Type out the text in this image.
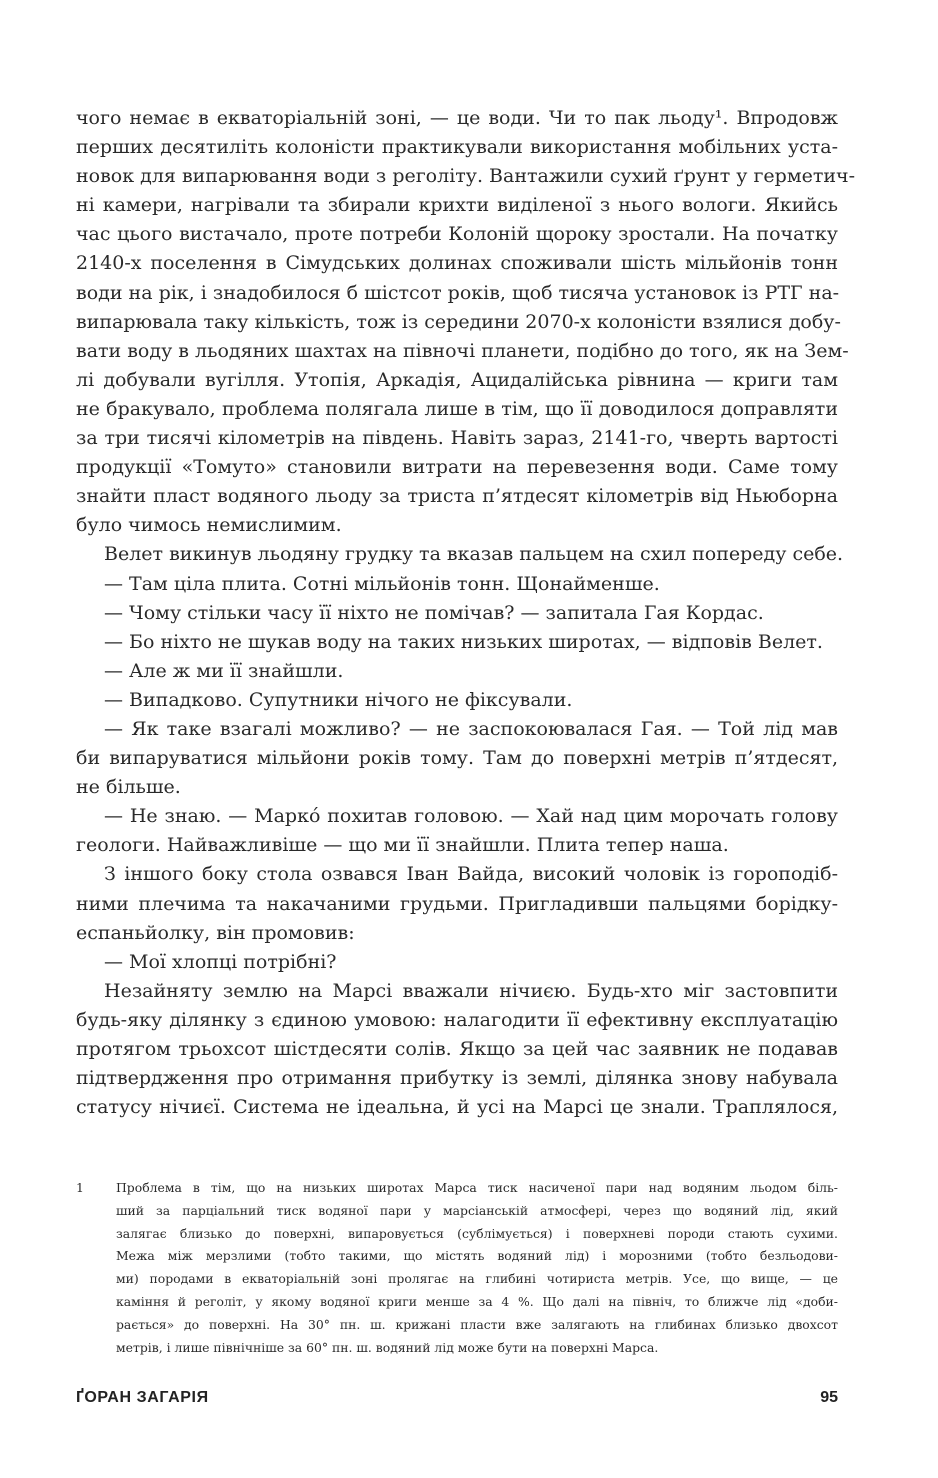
чого немає в екваторіальній зоні, — це води. Чи то пак льоду¹. Впродовж
перших десятиліть колоністи практикували використання мобільних уста-
новок для випарювання води з реголіту. Вантажили сухий ґрунт у герметич-
ні камери, нагрівали та збирали крихти виділеної з нього вологи. Якийсь
час цього вистачало, проте потреби Колоній щороку зростали. На початку
2140-х поселення в Сімудських долинах споживали шість мільйонів тонн
води на рік, і знадобилося б шістсот років, щоб тисяча установок із РТГ на-
випарювала таку кількість, тож із середини 2070-х колоністи взялися добу-
вати воду в льодяних шахтах на півночі планети, подібно до того, як на Зем-
лі добували вугілля. Утопія, Аркадія, Ацидалійська рівнина — криги там
не бракувало, проблема полягала лише в тім, що її доводилося доправляти
за три тисячі кілометрів на південь. Навіть зараз, 2141-го, чверть вартості
продукції «Томуто» становили витрати на перевезення води. Саме тому
знайти пласт водяного льоду за триста п’ятдесят кілометрів від Ньюборна
було чимось немислимим.
Велет викинув льодяну грудку та вказав пальцем на схил попереду себе.
— Там ціла плита. Сотні мільйонів тонн. Щонайменше.
— Чому стільки часу її ніхто не помічав? — запитала Гая Кордас.
— Бо ніхто не шукав воду на таких низьких широтах, — відповів Велет.
— Але ж ми її знайшли.
— Випадково. Супутники нічого не фіксували.
— Як таке взагалі можливо? — не заспокоювалася Гая. — Той лід мав
би випаруватися мільйони років тому. Там до поверхні метрів п’ятдесят,
не більше.
— Не знаю. — Маркó похитав головою. — Хай над цим морочать голову
геологи. Найважливіше — що ми її знайшли. Плита тепер наша.
З іншого боку стола озвався Іван Вайда, високий чоловік із горοподіб-
ними плечима та накачаними грудьми. Пригладивши пальцями борідку-
еспаньйолку, він промовив:
— Мої хлопці потрібні?
Незайняту землю на Марсі вважали нічиєю. Будь-хто міг застовпити
будь-яку ділянку з єдиною умовою: налагодити її ефективну експлуатацію
протягом трьохсот шістдесяти солів. Якщо за цей час заявник не подавав
підтвердження про отримання прибутку із землі, ділянка знову набувала
статусу нічиєї. Система не ідеальна, й усі на Марсі це знали. Траплялося,
1	Проблема в тім, що на низьких широтах Марса тиск насиченої пари над водяним льодом біль-
ший за парціальний тиск водяної пари у марсіанській атмосфері, через що водяний лід, який
залягає близько до поверхні, випаровується (сублімується) і поверхневі породи стають сухими.
Межа між мерзлими (тобто такими, що містять водяний лід) і морозними (тобто безльодови-
ми) породами в екваторіальній зоні пролягає на глибині чотириста метрів. Усе, що вище, — це
каміння й реголіт, у якому водяної криги менше за 4 %. Що далі на північ, то ближче лід «доби-
рається» до поверхні. На 30° пн. ш. крижані пласти вже залягають на глибинах близько двохсот
метрів, і лише північніше за 60° пн. ш. водяний лід може бути на поверхні Марса.
ҐОРАН ЗАГАРІЯ	95
